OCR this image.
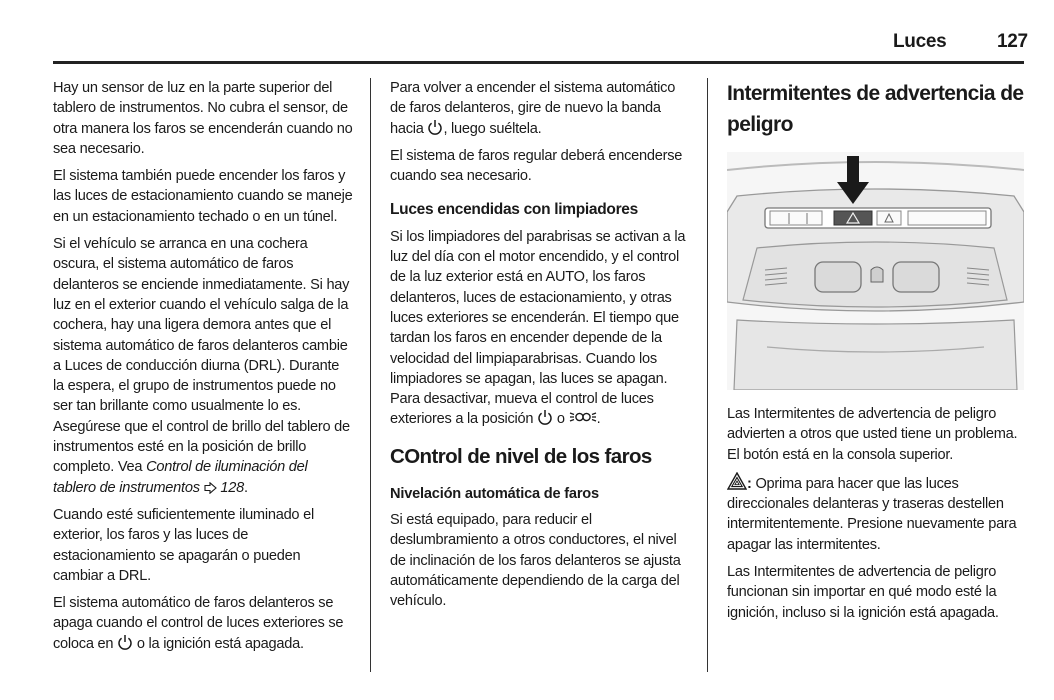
Luces	127

Hay un sensor de luz en la parte superior del tablero de instrumentos. No cubra el sensor, de otra manera los faros se encenderán cuando no sea necesario.

El sistema también puede encender los faros y las luces de estacionamiento cuando se maneje en un estacionamiento techado o en un túnel.

Si el vehículo se arranca en una cochera oscura, el sistema automático de faros delanteros se enciende inmediatamente. Si hay luz en el exterior cuando el vehículo salga de la cochera, hay una ligera demora antes que el sistema automático de faros delanteros cambie a Luces de conducción diurna (DRL). Durante la espera, el grupo de instrumentos puede no ser tan brillante como usualmente lo es. Asegúrese que el control de brillo del tablero de instrumentos esté en la posición de brillo completo. Vea Control de iluminación del tablero de instrumentos 128.

Cuando esté suficientemente iluminado el exterior, los faros y las luces de estacionamiento se apagarán o pueden cambiar a DRL.

El sistema automático de faros delanteros se apaga cuando el control de luces exteriores se coloca en o la ignición está apagada.

Para volver a encender el sistema automático de faros delanteros, gire de nuevo la banda hacia , luego suéltela.

El sistema de faros regular deberá encenderse cuando sea necesario.

Luces encendidas con limpiadores

Si los limpiadores del parabrisas se activan a la luz del día con el motor encendido, y el control de la luz exterior está en AUTO, los faros delanteros, luces de estacionamiento, y otras luces exteriores se encenderán. El tiempo que tardan los faros en encender depende de la velocidad del limpiaparabrisas. Cuando los limpiadores se apagan, las luces se apagan. Para desactivar, mueva el control de luces exteriores a la posición o .

COntrol de nivel de los faros
Nivelación automática de faros

Si está equipado, para reducir el deslumbramiento a otros conductores, el nivel de inclinación de los faros delanteros se ajusta automáticamente dependiendo de la carga del vehículo.

Intermitentes de advertencia de peligro

Las Intermitentes de advertencia de peligro advierten a otros que usted tiene un problema. El botón está en la consola superior.

: Oprima para hacer que las luces direccionales delanteras y traseras destellen intermitentemente. Presione nuevamente para apagar las intermitentes.

Las Intermitentes de advertencia de peligro funcionan sin importar en qué modo esté la ignición, incluso si la ignición está apagada.
